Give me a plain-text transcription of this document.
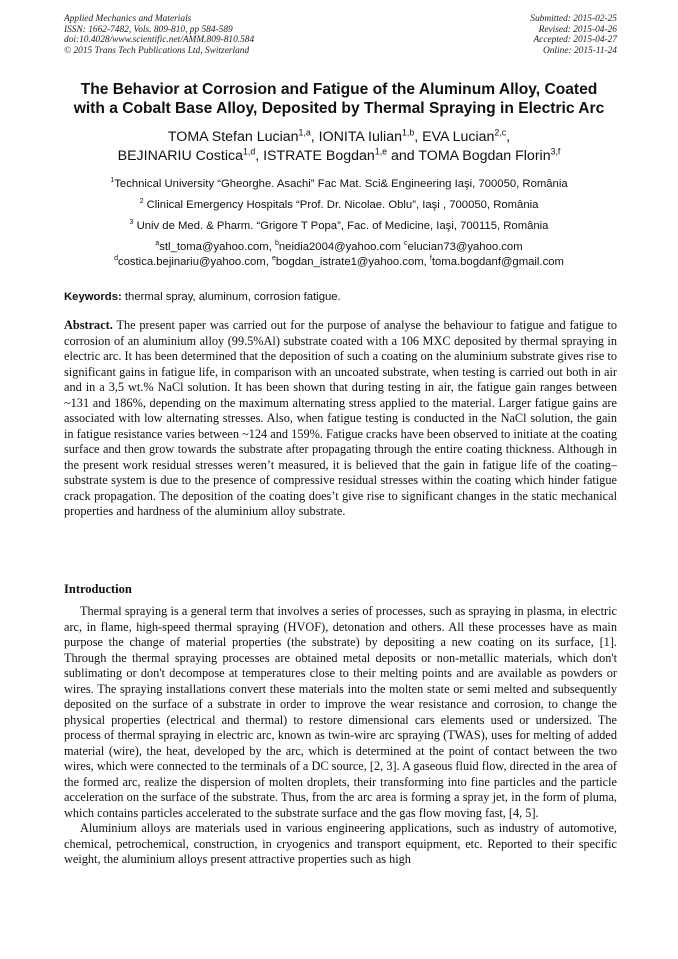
Applied Mechanics and Materials
ISSN: 1662-7482, Vols. 809-810, pp 584-589
doi:10.4028/www.scientific.net/AMM.809-810.584
© 2015 Trans Tech Publications Ltd, Switzerland
Submitted: 2015-02-25
Revised: 2015-04-26
Accepted: 2015-04-27
Online: 2015-11-24
The Behavior at Corrosion and Fatigue of the Aluminum Alloy, Coated
with a Cobalt Base Alloy, Deposited by Thermal Spraying in Electric Arc
TOMA Stefan Lucian$^{1,a}$, IONITA Iulian$^{1,b}$, EVA Lucian$^{2,c}$,
BEJINARIU Costica$^{1,d}$, ISTRATE Bogdan$^{1,e}$ and TOMA Bogdan Florin$^{3,f}$
$^1$Technical University “Gheorghe. Asachi” Fac Mat. Sci& Engineering Iaşi, 700050, România
$^2$ Clinical Emergency Hospitals “Prof. Dr. Nicolae. Oblu”, Iaşi , 700050, România
$^3$ Univ de Med. & Pharm. “Grigore T Popa”, Fac. of Medicine, Iaşi, 700115, România
$^a$stl_toma@yahoo.com, $^b$neidia2004@yahoo.com $^c$elucian73@yahoo.com
$^d$costica.bejinariu@yahoo.com, $^e$bogdan_istrate1@yahoo.com, $^f$toma.bogdanf@gmail.com
Keywords: thermal spray, aluminum, corrosion fatigue.
Abstract. The present paper was carried out for the purpose of analyse the behaviour to fatigue and fatigue to corrosion of an aluminium alloy (99.5%Al) substrate coated with a 106 MXC deposited by thermal spraying in electric arc. It has been determined that the deposition of such a coating on the aluminium substrate gives rise to significant gains in fatigue life, in comparison with an uncoated substrate, when testing is carried out both in air and in a 3,5 wt.% NaCl solution. It has been shown that during testing in air, the fatigue gain ranges between ~131 and 186%, depending on the maximum alternating stress applied to the material. Larger fatigue gains are associated with low alternating stresses. Also, when fatigue testing is conducted in the NaCl solution, the gain in fatigue resistance varies between ~124 and 159%. Fatigue cracks have been observed to initiate at the coating surface and then grow towards the substrate after propagating through the entire coating thickness. Although in the present work residual stresses weren’t measured, it is believed that the gain in fatigue life of the coating–substrate system is due to the presence of compressive residual stresses within the coating which hinder fatigue crack propagation. The deposition of the coating does’t give rise to significant changes in the static mechanical properties and hardness of the aluminium alloy substrate.
Introduction

Thermal spraying is a general term that involves a series of processes, such as spraying in plasma, in electric arc, in flame, high-speed thermal spraying (HVOF), detonation and others. All these processes have as main purpose the change of material properties (the substrate) by depositing a new coating on its surface, [1]. Through the thermal spraying processes are obtained metal deposits or non-metallic materials, which don't sublimating or don't decompose at temperatures close to their melting points and are available as powders or wires. The spraying installations convert these materials into the molten state or semi melted and subsequently deposited on the surface of a substrate in order to improve the wear resistance and corrosion, to change the physical properties (electrical and thermal) to restore dimensional cars elements used or undersized. The process of thermal spraying in electric arc, known as twin-wire arc spraying (TWAS), uses for melting of added material (wire), the heat, developed by the arc, which is determined at the point of contact between the two wires, which were connected to the terminals of a DC source, [2, 3]. A gaseous fluid flow, directed in the area of the formed arc, realize the dispersion of molten droplets, their transforming into fine particles and the particle acceleration on the surface of the substrate. Thus, from the arc area is forming a spray jet, in the form of pluma, which contains particles accelerated to the substrate surface and the gas flow moving fast, [4, 5].

Aluminium alloys are materials used in various engineering applications, such as industry of automotive, chemical, petrochemical, construction, in cryogenics and transport equipment, etc. Reported to their specific weight, the aluminium alloys present attractive properties such as high
